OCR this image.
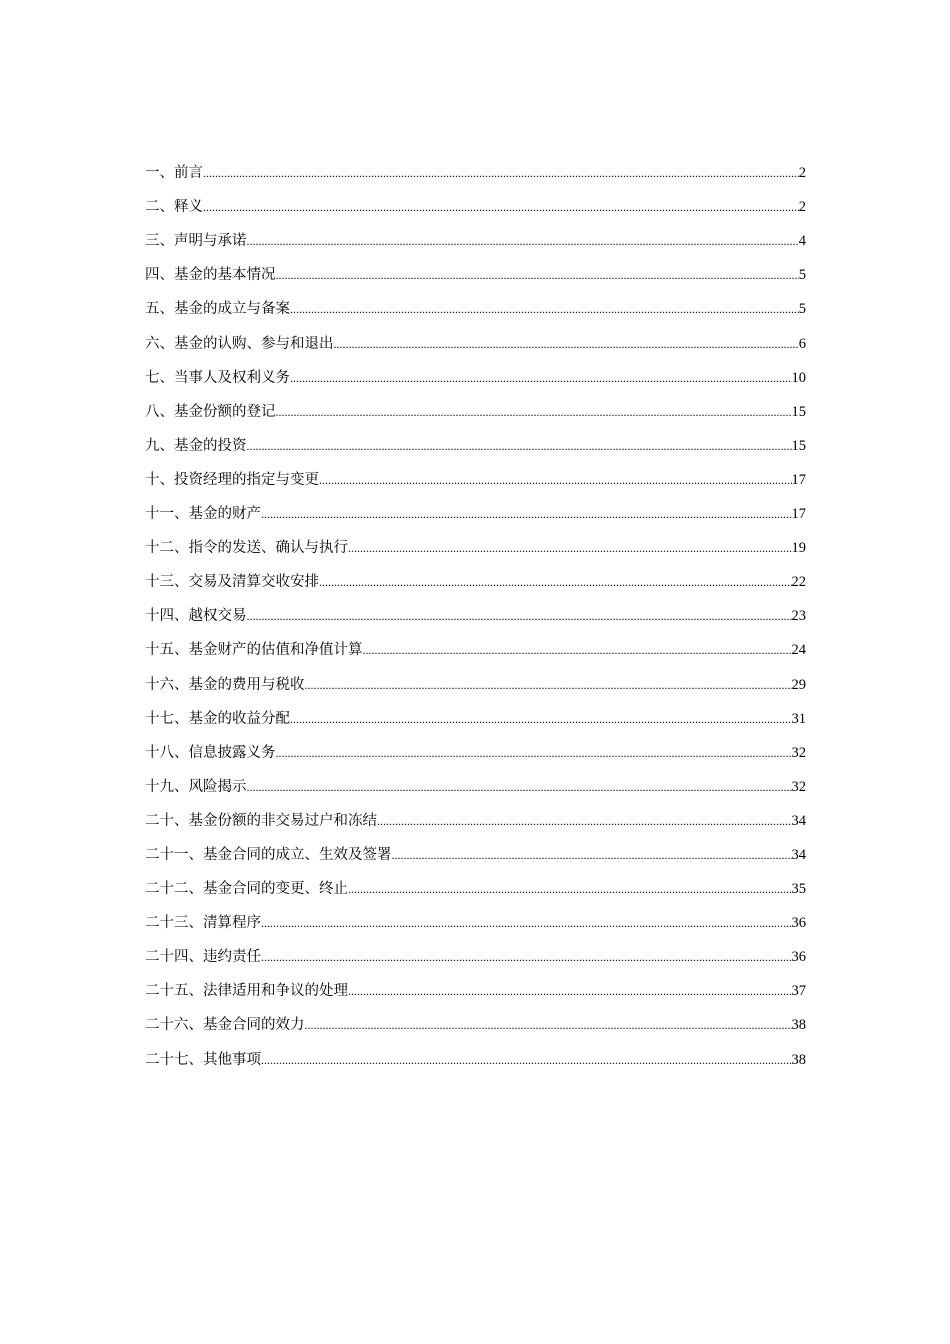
一、前言 .....	2
二、释义 .....	2
三、声明与承诺 .....	4
四、基金的基本情况 .....	5
五、基金的成立与备案 .....	5
六、基金的认购、参与和退出 .....	6
七、当事人及权利义务 .....	10
八、基金份额的登记 .....	15
九、基金的投资 .....	15
十、投资经理的指定与变更 .....	17
十一、基金的财产 .....	17
十二、指令的发送、确认与执行 .....	19
十三、交易及清算交收安排 .....	22
十四、越权交易 .....	23
十五、基金财产的估值和净值计算 .....	24
十六、基金的费用与税收 .....	29
十七、基金的收益分配 .....	31
十八、信息披露义务 .....	32
十九、风险揭示 .....	32
二十、基金份额的非交易过户和冻结 .....	34
二十一、基金合同的成立、生效及签署 .....	34
二十二、基金合同的变更、终止 .....	35
二十三、清算程序 .....	36
二十四、违约责任 .....	36
二十五、法律适用和争议的处理 .....	37
二十六、基金合同的效力 .....	38
二十七、其他事项 .....	38
